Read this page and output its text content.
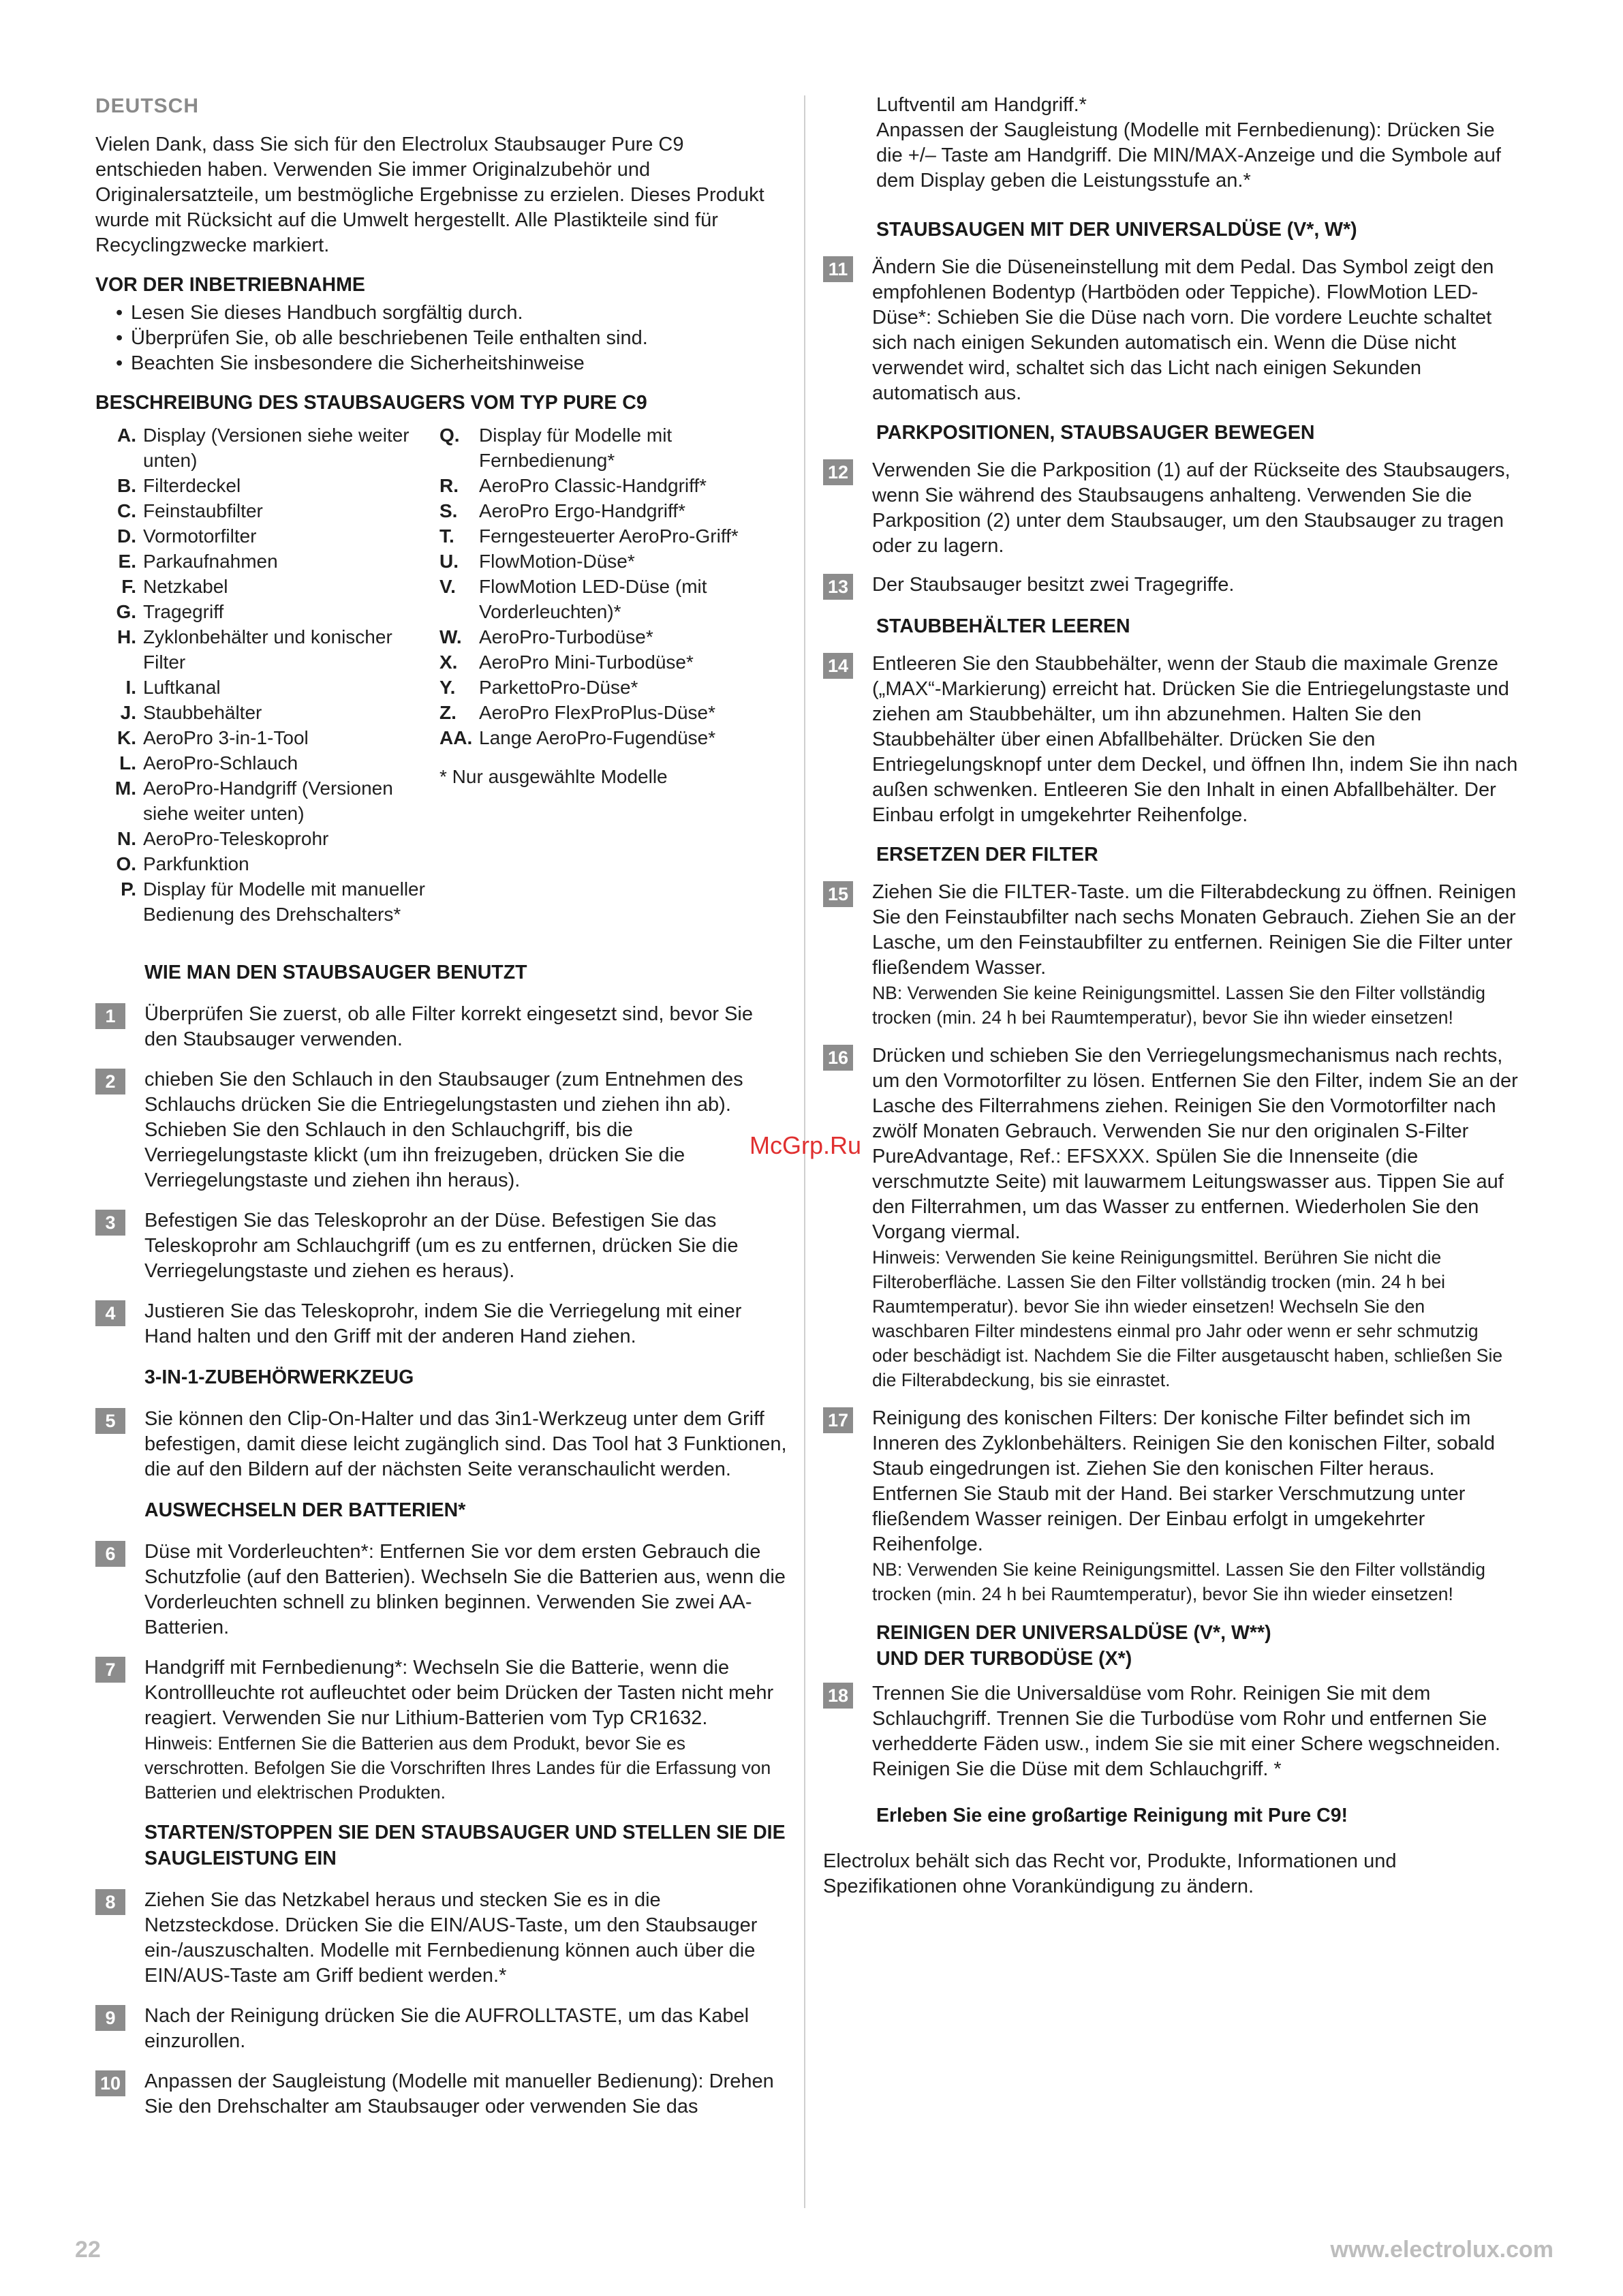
DEUTSCH

Vielen Dank, dass Sie sich für den Electrolux Staubsauger Pure C9 entschieden haben. Verwenden Sie immer Originalzubehör und Originalersatzteile, um bestmögliche Ergebnisse zu erzielen. Dieses Produkt wurde mit Rücksicht auf die Umwelt hergestellt. Alle Plastikteile sind für Recyclingzwecke markiert.

VOR DER INBETRIEBNAHME
• Lesen Sie dieses Handbuch sorgfältig durch.
• Überprüfen Sie, ob alle beschriebenen Teile enthalten sind.
• Beachten Sie insbesondere die Sicherheitshinweise
BESCHREIBUNG DES STAUBSAUGERS VOM TYP PURE C9
A. Display (Versionen siehe weiter unten)
B. Filterdeckel
C. Feinstaubfilter
D. Vormotorfilter
E. Parkaufnahmen
F. Netzkabel
G. Tragegriff
H. Zyklonbehälter und konischer Filter
I. Luftkanal
J. Staubbehälter
K. AeroPro 3-in-1-Tool
L. AeroPro-Schlauch
M. AeroPro-Handgriff (Versionen siehe weiter unten)
N. AeroPro-Teleskoprohr
O. Parkfunktion
P. Display für Modelle mit manueller Bedienung des Drehschalters*
Q.	Display für Modelle mit Fernbedienung*
R.	AeroPro Classic-Handgriff*
S.	AeroPro Ergo-Handgriff*
T.	Ferngesteuerter AeroPro-Griff*
U.	FlowMotion-Düse*
V.	FlowMotion LED-Düse (mit Vorderleuchten)*
W. AeroPro-Turbodüse*
X.	AeroPro Mini-Turbodüse*
Y.	ParkettoPro-Düse*
Z.	AeroPro FlexProPlus-Düse*
AA. Lange AeroPro-Fugendüse*
* Nur ausgewählte Modelle
WIE MAN DEN STAUBSAUGER BENUTZT
1	Überprüfen Sie zuerst, ob alle Filter korrekt eingesetzt sind, bevor Sie den Staubsauger verwenden.
2	chieben Sie den Schlauch in den Staubsauger (zum Entnehmen des Schlauchs drücken Sie die Entriegelungstasten und ziehen ihn ab). Schieben Sie den Schlauch in den Schlauchgriff, bis die Verriegelungstaste klickt (um ihn freizugeben, drücken Sie die Verriegelungstaste und ziehen ihn heraus).
3	Befestigen Sie das Teleskoprohr an der Düse. Befestigen Sie das Teleskoprohr am Schlauchgriff (um es zu entfernen, drücken Sie die Verriegelungstaste und ziehen es heraus).
4	Justieren Sie das Teleskoprohr, indem Sie die Verriegelung mit einer Hand halten und den Griff mit der anderen Hand ziehen.
3-IN-1-ZUBEHÖRWERKZEUG
5	Sie können den Clip-On-Halter und das 3in1-Werkzeug unter dem Griff befestigen, damit diese leicht zugänglich sind. Das Tool hat 3 Funktionen, die auf den Bildern auf der nächsten Seite veranschaulicht werden.
AUSWECHSELN DER BATTERIEN*
6	Düse mit Vorderleuchten*: Entfernen Sie vor dem ersten Gebrauch die Schutzfolie (auf den Batterien). Wechseln Sie die Batterien aus, wenn die Vorderleuchten schnell zu blinken beginnen. Verwenden Sie zwei AA-Batterien.
7	Handgriff mit Fernbedienung*: Wechseln Sie die Batterie, wenn die Kontrollleuchte rot aufleuchtet oder beim Drücken der Tasten nicht mehr reagiert. Verwenden Sie nur Lithium-Batterien vom Typ CR1632.
Hinweis: Entfernen Sie die Batterien aus dem Produkt, bevor Sie es verschrotten. Befolgen Sie die Vorschriften Ihres Landes für die Erfassung von Batterien und elektrischen Produkten.
STARTEN/STOPPEN SIE DEN STAUBSAUGER UND STELLEN SIE DIE SAUGLEISTUNG EIN
8	Ziehen Sie das Netzkabel heraus und stecken Sie es in die Netzsteckdose. Drücken Sie die EIN/AUS-Taste, um den Staubsauger ein-/auszuschalten. Modelle mit Fernbedienung können auch über die EIN/AUS-Taste am Griff bedient werden.*
9	Nach der Reinigung drücken Sie die AUFROLLTASTE, um das Kabel einzurollen.
10 Anpassen der Saugleistung (Modelle mit manueller Bedienung): Drehen Sie den Drehschalter am Staubsauger oder verwenden Sie das
Luftventil am Handgriff.*
Anpassen der Saugleistung (Modelle mit Fernbedienung): Drücken Sie die +/– Taste am Handgriff. Die MIN/MAX-Anzeige und die Symbole auf dem Display geben die Leistungsstufe an.*
STAUBSAUGEN MIT DER UNIVERSALDÜSE (V*, W*)
11 Ändern Sie die Düseneinstellung mit dem Pedal. Das Symbol zeigt den empfohlenen Bodentyp (Hartböden oder Teppiche). FlowMotion LED-Düse*: Schieben Sie die Düse nach vorn. Die vordere Leuchte schaltet sich nach einigen Sekunden automatisch ein. Wenn die Düse nicht verwendet wird, schaltet sich das Licht nach einigen Sekunden automatisch aus.
PARKPOSITIONEN, STAUBSAUGER BEWEGEN
12 Verwenden Sie die Parkposition (1) auf der Rückseite des Staubsaugers, wenn Sie während des Staubsaugens anhalteng. Verwenden Sie die Parkposition (2) unter dem Staubsauger, um den Staubsauger zu tragen oder zu lagern.
13 Der Staubsauger besitzt zwei Tragegriffe.
STAUBBEHÄLTER LEEREN
14 Entleeren Sie den Staubbehälter, wenn der Staub die maximale Grenze („MAX“-Markierung) erreicht hat. Drücken Sie die Entriegelungstaste und ziehen am Staubbehälter, um ihn abzunehmen. Halten Sie den Staubbehälter über einen Abfallbehälter. Drücken Sie den Entriegelungsknopf unter dem Deckel, und öffnen Ihn, indem Sie ihn nach außen schwenken. Entleeren Sie den Inhalt in einen Abfallbehälter. Der Einbau erfolgt in umgekehrter Reihenfolge.
ERSETZEN DER FILTER
15 Ziehen Sie die FILTER-Taste. um die Filterabdeckung zu öffnen. Reinigen Sie den Feinstaubfilter nach sechs Monaten Gebrauch. Ziehen Sie an der Lasche, um den Feinstaubfilter zu entfernen. Reinigen Sie die Filter unter fließendem Wasser.
NB: Verwenden Sie keine Reinigungsmittel. Lassen Sie den Filter vollständig trocken (min. 24 h bei Raumtemperatur), bevor Sie ihn wieder einsetzen!
16 Drücken und schieben Sie den Verriegelungsmechanismus nach rechts, um den Vormotorfilter zu lösen. Entfernen Sie den Filter, indem Sie an der Lasche des Filterrahmens ziehen. Reinigen Sie den Vormotorfilter nach zwölf Monaten Gebrauch. Verwenden Sie nur den originalen S-Filter PureAdvantage, Ref.: EFSXXX. Spülen Sie die Innenseite (die verschmutzte Seite) mit lauwarmem Leitungswasser aus. Tippen Sie auf den Filterrahmen, um das Wasser zu entfernen. Wiederholen Sie den Vorgang viermal.
Hinweis: Verwenden Sie keine Reinigungsmittel. Berühren Sie nicht die Filteroberfläche. Lassen Sie den Filter vollständig trocken (min. 24 h bei Raumtemperatur). bevor Sie ihn wieder einsetzen! Wechseln Sie den waschbaren Filter mindestens einmal pro Jahr oder wenn er sehr schmutzig oder beschädigt ist. Nachdem Sie die Filter ausgetauscht haben, schließen Sie die Filterabdeckung, bis sie einrastet.
17 Reinigung des konischen Filters: Der konische Filter befindet sich im Inneren des Zyklonbehälters. Reinigen Sie den konischen Filter, sobald Staub eingedrungen ist. Ziehen Sie den konischen Filter heraus. Entfernen Sie Staub mit der Hand. Bei starker Verschmutzung unter fließendem Wasser reinigen. Der Einbau erfolgt in umgekehrter Reihenfolge.
NB: Verwenden Sie keine Reinigungsmittel. Lassen Sie den Filter vollständig trocken (min. 24 h bei Raumtemperatur), bevor Sie ihn wieder einsetzen!
REINIGEN DER UNIVERSALDÜSE (V*, W**)
UND DER TURBODÜSE (X*)
18 Trennen Sie die Universaldüse vom Rohr. Reinigen Sie mit dem Schlauchgriff. Trennen Sie die Turbodüse vom Rohr und entfernen Sie verhedderte Fäden usw., indem Sie sie mit einer Schere wegschneiden. Reinigen Sie die Düse mit dem Schlauchgriff. *
Erleben Sie eine großartige Reinigung mit Pure C9!
Electrolux behält sich das Recht vor, Produkte, Informationen und Spezifikationen ohne Vorankündigung zu ändern.
McGrp.Ru
22	www.electrolux.com
